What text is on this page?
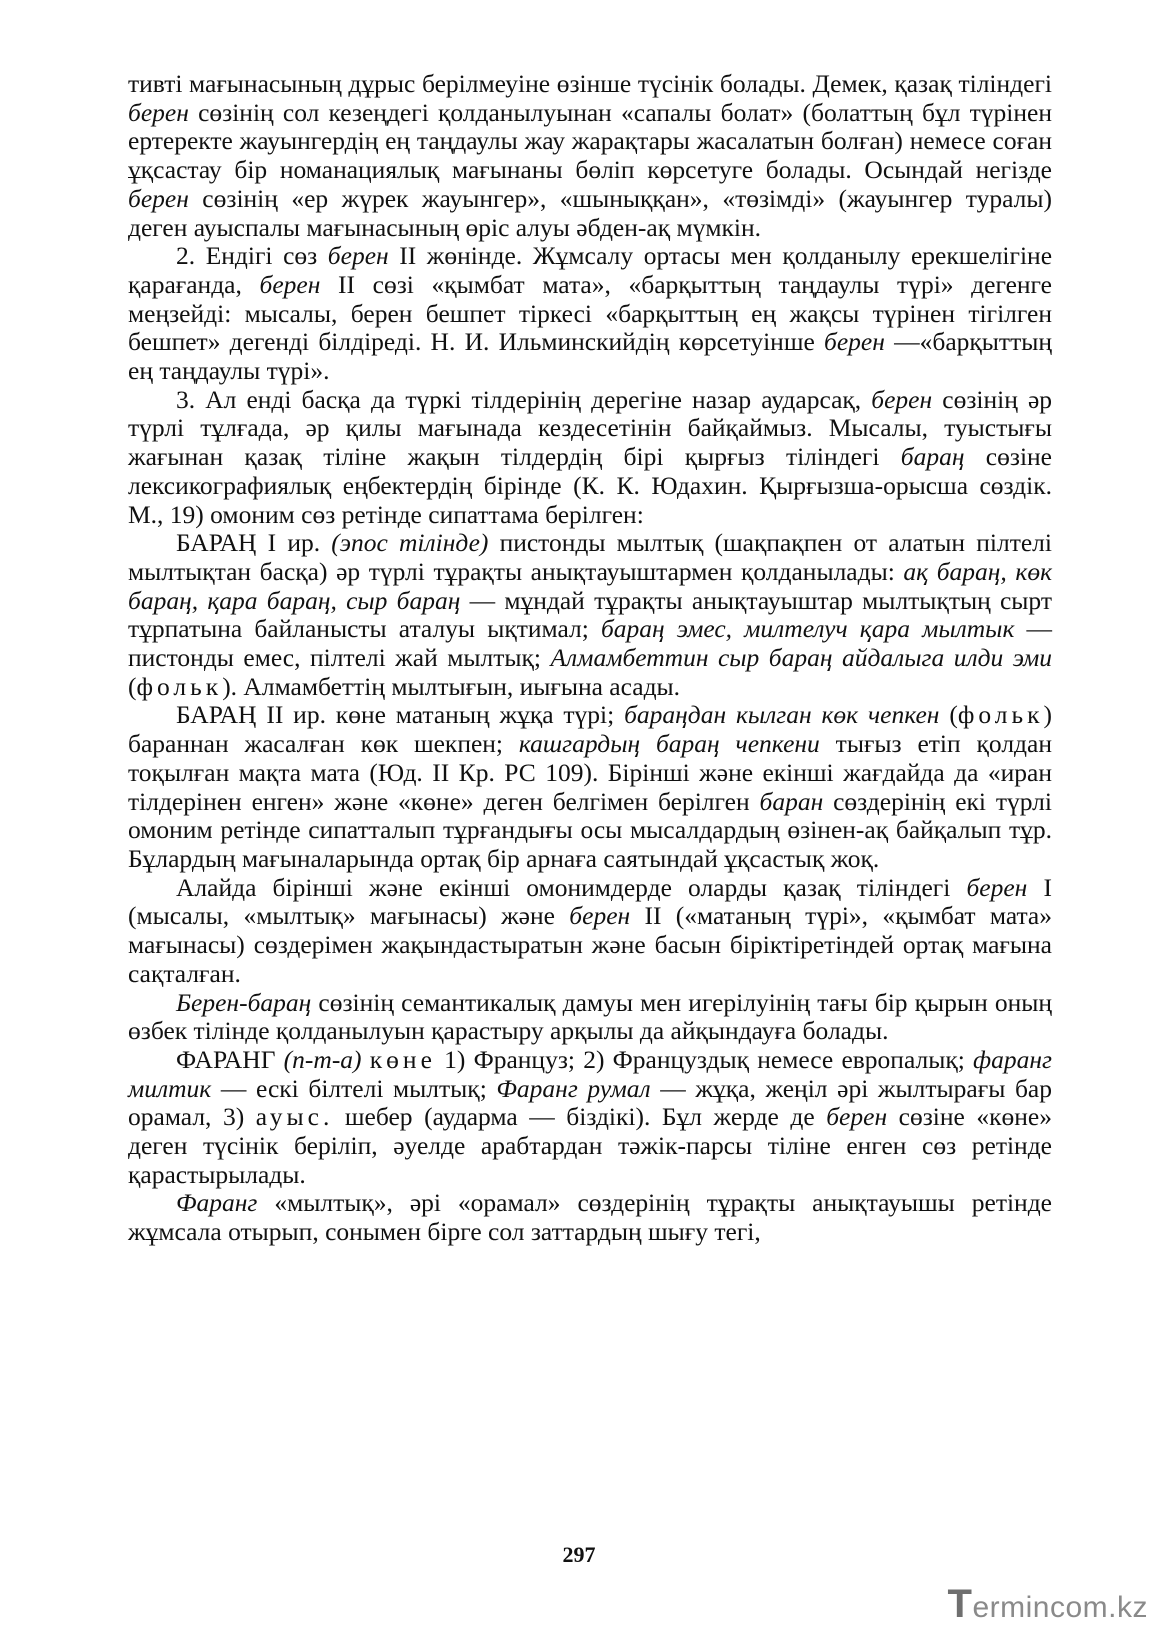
тивті мағынасының дұрыс берілмеуіне өзінше түсінік болады. Демек, қазақ тіліндегі берен сөзінің сол кезеңдегі қолданылуынан «сапалы болат» (болаттың бұл түрінен ертеректе жауынгердің ең таңдаулы жау жарақтары жасалатын болған) немесе соған ұқсастау бір номанациялық мағынаны бөліп көрсетуге болады. Осындай негізде берен сөзінің «ер жүрек жауынгер», «шыныққан», «төзімді» (жауынгер туралы) деген ауыспалы мағынасының өріс алуы әбден-ақ мүмкін.

2. Ендігі сөз берен II жөнінде. Жұмсалу ортасы мен қолданылу ерекшелігіне қарағанда, берен II сөзі «қымбат мата», «барқыттың таңдаулы түрі» дегенге меңзейді: мысалы, берен бешпет тіркесі «барқыттың ең жақсы түрінен тігілген бешпет» дегенді білдіреді. Н. И. Ильминскийдің көрсетуінше берен —«барқыттың ең таңдаулы түрі».

3. Ал енді басқа да түркі тілдерінің дерегіне назар аударсақ, берен сөзінің әр түрлі тұлғада, әр қилы мағынада кездесетінін байқаймыз. Мысалы, туыстығы жағынан қазақ тіліне жақын тілдердің бірі қырғыз тіліндегі бараң сөзіне лексикографиялық еңбектердің бірінде (К. К. Юдахин. Қырғызша-орысша сөздік. М., 19) омоним сөз ретінде сипаттама берілген:

БАРАҢ I ир. (эпос тілінде) пистонды мылтық (шақпақпен от алатын пілтелі мылтықтан басқа) әр түрлі тұрақты анықтауыштармен қолданылады: ақ бараң, көк бараң, қара бараң, сыр бараң — мұндай тұрақты анықтауыштар мылтықтың сырт тұрпатына байланысты аталуы ықтимал; бараң эмес, милтелуч қара мылтык — пистонды емес, пілтелі жай мылтық; Алмамбеттин сыр бараң айдалыга илди эми (фольк). Алмамбеттің мылтығын, иығына асады.

БАРАҢ II ир. көне матаның жұқа түрі; бараңдан кылган көк чепкен (фольк) бараннан жасалған көк шекпен; кашгардың бараң чепкени тығыз етіп қолдан тоқылған мақта мата (Юд. II Кр. РС 109). Бірінші және екінші жағдайда да «иран тілдерінен енген» және «көне» деген белгімен берілген баран сөздерінің екі түрлі омоним ретінде сипатталып тұрғандығы осы мысалдардың өзінен-ақ байқалып тұр. Бұлардың мағыналарында ортақ бір арнаға саятындай ұқсастық жоқ.

Алайда бірінші және екінші омонимдерде оларды қазақ тіліндегі берен I (мысалы, «мылтық» мағынасы) және берен II («матаның түрі», «қымбат мата» мағынасы) сөздерімен жақындастыратын және басын біріктіретіндей ортақ мағына сақталған.

Берен-бараң сөзінің семантикалық дамуы мен игерілуінің тағы бір қырын оның өзбек тілінде қолданылуын қарастыру арқылы да айқындауға болады.

ФАРАНГ (п-т-а) көне 1) Француз; 2) Француздық немесе европалық; фаранг милтик — ескі білтелі мылтық; Фаранг румал — жұқа, жеңіл әрі жылтырағы бар орамал, 3) ауыс. шебер (аударма — біздікі). Бұл жерде де берен сөзіне «көне» деген түсінік беріліп, әуелде арабтардан тәжік-парсы тіліне енген сөз ретінде қарастырылады.

Фаранг «мылтық», әрі «орамал» сөздерінің тұрақты анықтауышы ретінде жұмсала отырып, сонымен бірге сол заттардың шығу тегі,

297
Termincom.kz
